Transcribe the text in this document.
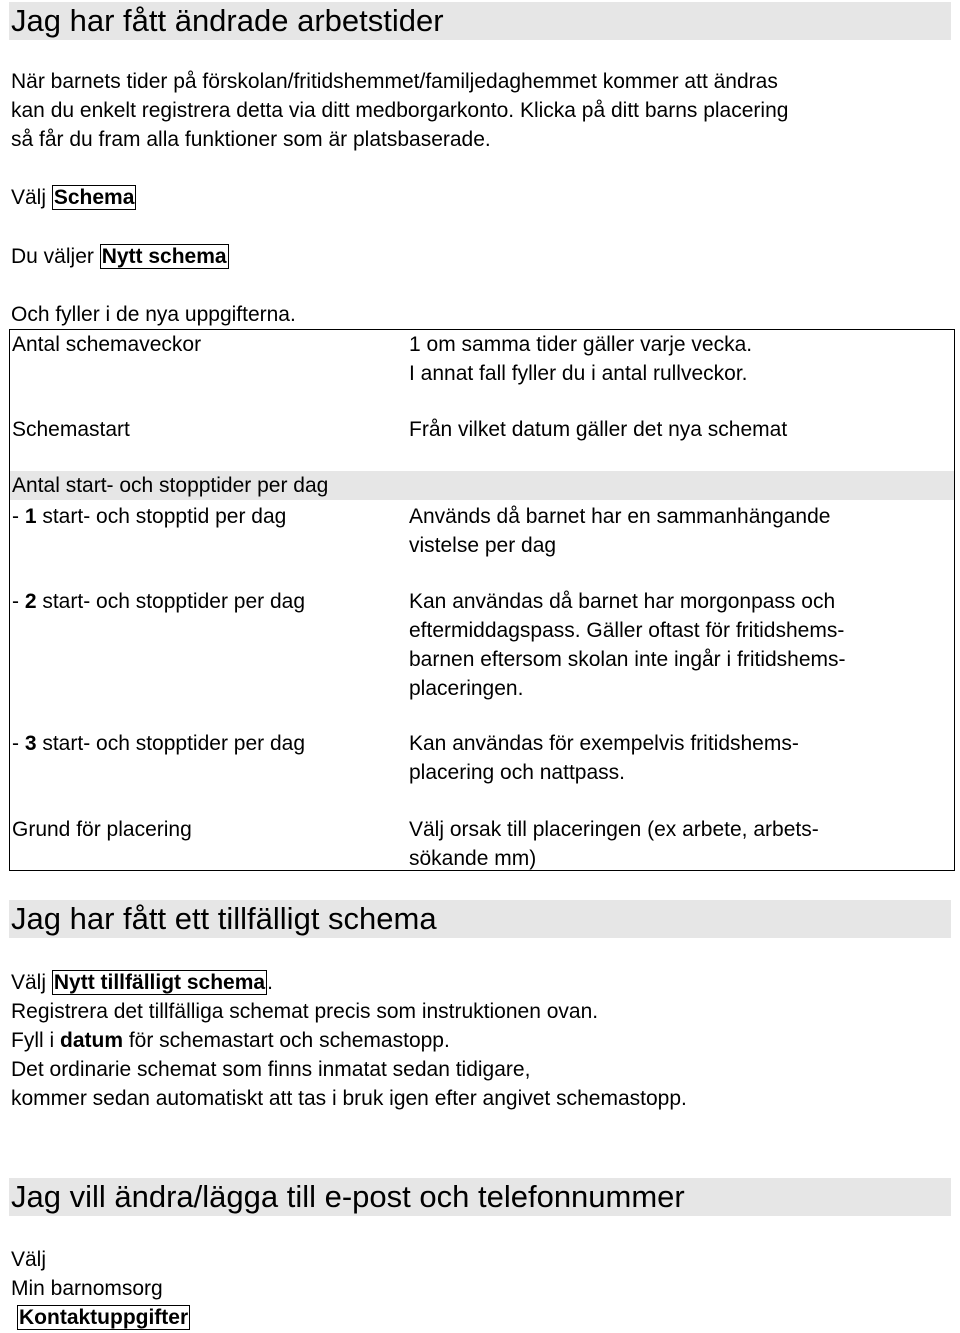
Jag har fått ändrade arbetstider
När barnets tider på förskolan/fritidshemmet/familjedaghemmet kommer att ändras
kan du enkelt registrera detta via ditt medborgarkonto. Klicka på ditt barns placering
så får du fram alla funktioner som är platsbaserade.
Välj Schema
Du väljer Nytt schema
Och fyller i de nya uppgifterna.
Antal schemaveckor	1 om samma tider gäller varje vecka.
I annat fall fyller du i antal rullveckor.
Schemastart	Från vilket datum gäller det nya schemat
Antal start- och stopptider per dag
- 1 start- och stopptid per dag	Används då barnet har en sammanhängande
vistelse per dag
- 2 start- och stopptider per dag	Kan användas då barnet har morgonpass och
eftermiddagspass. Gäller oftast för fritidshems-
barnen eftersom skolan inte ingår i fritidshems-
placeringen.
- 3 start- och stopptider per dag	Kan användas för exempelvis fritidshems-
placering och nattpass.
Grund för placering	Välj orsak till placeringen (ex arbete, arbets-
sökande mm)
Jag har fått ett tillfälligt schema
Välj Nytt tillfälligt schema.
Registrera det tillfälliga schemat precis som instruktionen ovan.
Fyll i datum för schemastart och schemastopp.
Det ordinarie schemat som finns inmatat sedan tidigare,
kommer sedan automatiskt att tas i bruk igen efter angivet schemastopp.
Jag vill ändra/lägga till e-post och telefonnummer
Välj
Min barnomsorg
Kontaktuppgifter
